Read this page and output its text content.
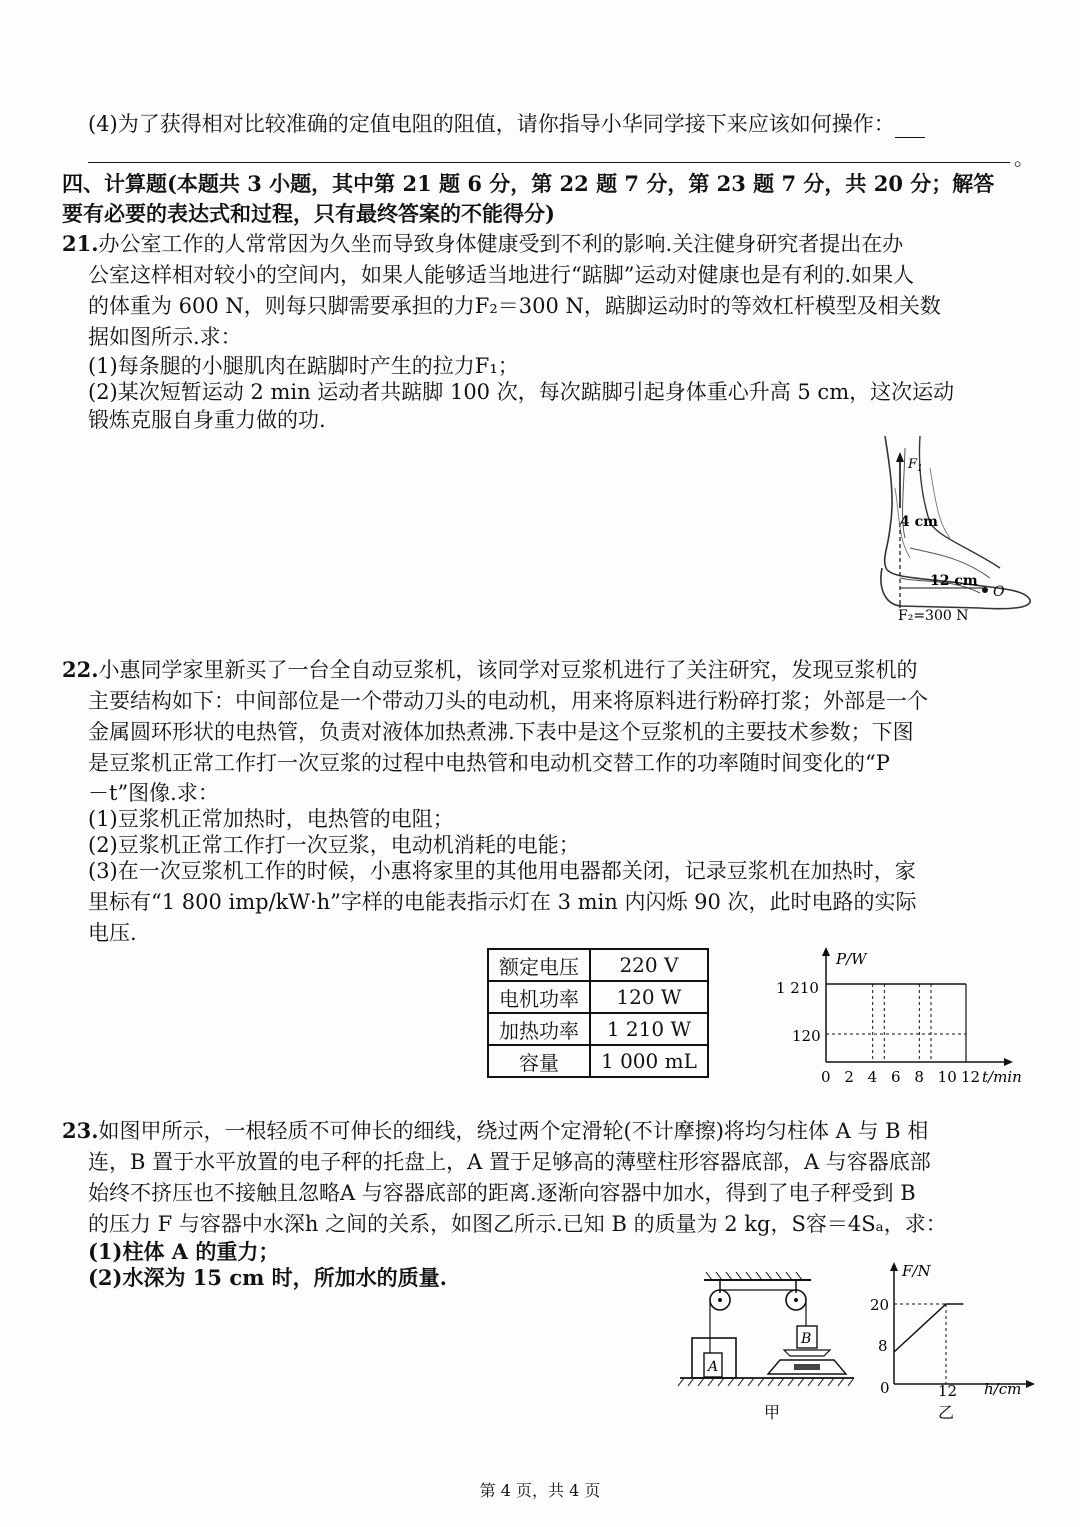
(4)为了获得相对比较准确的定值电阻的阻值，请你指导小华同学接下来应该如何操作：
。
四、计算题(本题共 3 小题，其中第 21 题 6 分，第 22 题 7 分，第 23 题 7 分，共 20 分；解答
要有必要的表达式和过程，只有最终答案的不能得分)
21.办公室工作的人常常因为久坐而导致身体健康受到不利的影响.关注健身研究者提出在办
公室这样相对较小的空间内，如果人能够适当地进行“踮脚”运动对健康也是有利的.如果人
的体重为 600 N，则每只脚需要承担的力F₂＝300 N，踮脚运动时的等效杠杆模型及相关数
据如图所示.求：
(1)每条腿的小腿肌肉在踮脚时产生的拉力F₁；
(2)某次短暂运动 2 min 运动者共踮脚 100 次，每次踮脚引起身体重心升高 5 cm，这次运动
锻炼克服自身重力做的功.
$F_1$
4 cm
12 cm
O
F₂=300 N
22.小惠同学家里新买了一台全自动豆浆机，该同学对豆浆机进行了关注研究，发现豆浆机的
主要结构如下：中间部位是一个带动刀头的电动机，用来将原料进行粉碎打浆；外部是一个
金属圆环形状的电热管，负责对液体加热煮沸.下表中是这个豆浆机的主要技术参数；下图
是豆浆机正常工作打一次豆浆的过程中电热管和电动机交替工作的功率随时间变化的“P
－t”图像.求：
(1)豆浆机正常加热时，电热管的电阻；
(2)豆浆机正常工作打一次豆浆，电动机消耗的电能；
(3)在一次豆浆机工作的时候，小惠将家里的其他用电器都关闭，记录豆浆机在加热时，家
里标有“1 800 imp/kW·h”字样的电能表指示灯在 3 min 内闪烁 90 次，此时电路的实际
电压.
额定电压	220 V
电机功率	120 W
加热功率	1 210 W
容量	1 000 mL
P/W
t/min
1 210
120
0 2 4 6 8 10 12
23.如图甲所示，一根轻质不可伸长的细线，绕过两个定滑轮(不计摩擦)将均匀柱体 A 与 B 相
连，B 置于水平放置的电子秤的托盘上，A 置于足够高的薄壁柱形容器底部，A 与容器底部
始终不挤压也不接触且忽略A 与容器底部的距离.逐渐向容器中加水，得到了电子秤受到 B
的压力 F 与容器中水深h 之间的关系，如图乙所示.已知 B 的质量为 2 kg，S容＝4Sₐ，求：
(1)柱体 A 的重力；
(2)水深为 15 cm 时，所加水的质量.
A
B
甲
F/N
h/cm
20
8
0	12
乙
第 4 页，共 4 页
